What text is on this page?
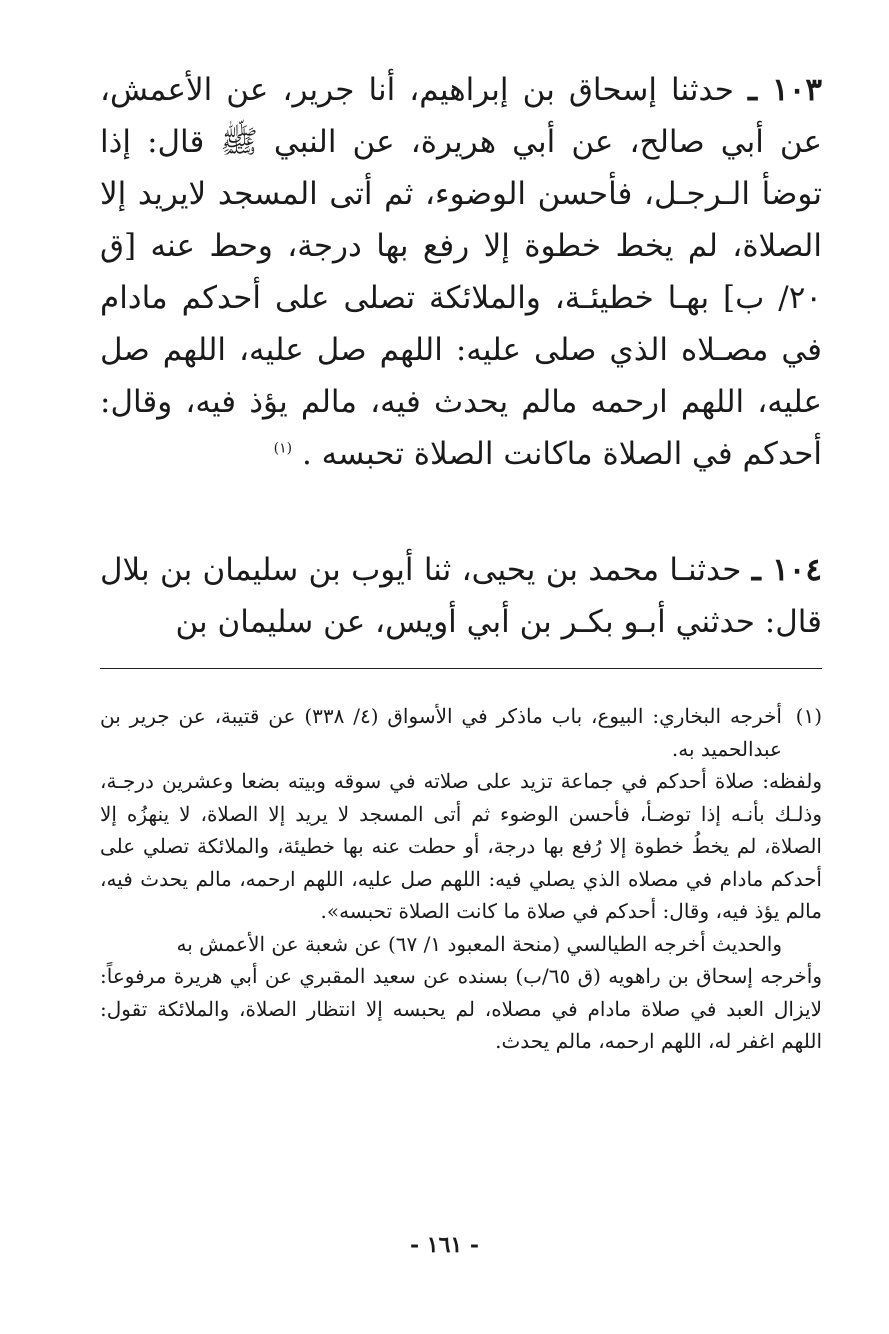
١٠٣ ـ حدثنا إسحاق بن إبراهيم، أنا جرير، عن الأعمش، عن أبي صالح، عن أبي هريرة، عن النبي ﷺ قال: إذا توضأ الـرجـل، فأحسن الوضوء، ثم أتى المسجد لايريد إلا الصلاة، لم يخط خطوة إلا رفع بها درجة، وحط عنه [ق ٢٠/ ب] بهـا خطيئـة، والملائكة تصلى على أحدكم مادام في مصـلاه الذي صلى عليه: اللهم صل عليه، اللهم صل عليه، اللهم ارحمه مالم يحدث فيه، مالم يؤذ فيه، وقال: أحدكم في الصلاة ماكانت الصلاة تحبسه . $^{(١)}$
١٠٤ ـ حدثنـا محمد بن يحيى، ثنا أيوب بن سليمان بن بلال قال: حدثني أبـو بكـر بن أبي أويس، عن سليمان بن
(١)
أخرجه البخاري: البيوع، باب ماذكر في الأسواق (٤/ ٣٣٨) عن قتيبة، عن جرير بن عبدالحميد به.

ولفظه: صلاة أحدكم في جماعة تزيد على صلاته في سوقه وبيته بضعا وعشرين درجـة، وذلـك بأنـه إذا توضـأ، فأحسن الوضوء ثم أتى المسجد لا يريد إلا الصلاة، لا ينهزُه إلا الصلاة، لم يخطُ خطوة إلا رُفع بها درجة، أو حطت عنه بها خطيئة، والملائكة تصلي على أحدكم مادام في مصلاه الذي يصلي فيه: اللهم صل عليه، اللهم ارحمه، مالم يحدث فيه، مالم يؤذ فيه، وقال: أحدكم في صلاة ما كانت الصلاة تحبسه».

والحديث أخرجه الطيالسي (منحة المعبود ١/ ٦٧) عن شعبة عن الأعمش به

وأخرجه إسحاق بن راهويه (ق ٦٥/ب) بسنده عن سعيد المقبري عن أبي هريرة مرفوعاً: لايزال العبد في صلاة مادام في مصلاه، لم يحبسه إلا انتظار الصلاة، والملائكة تقول: اللهم اغفر له، اللهم ارحمه، مالم يحدث.

- ١٦١ -
